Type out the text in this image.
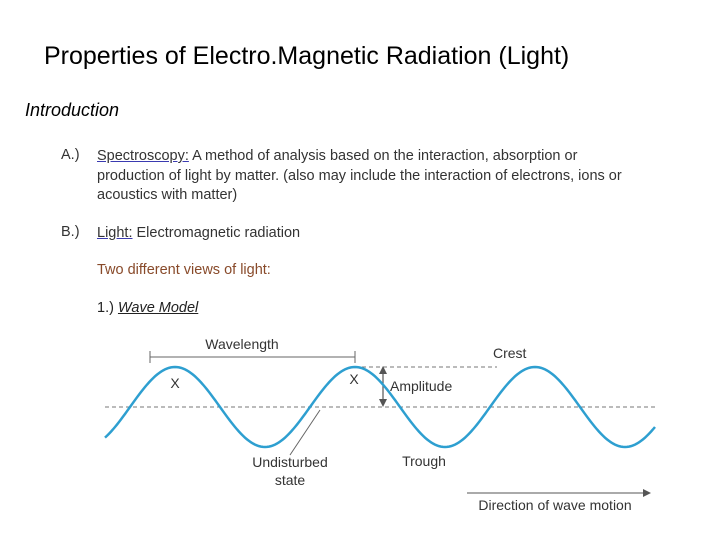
Properties of Electro.Magnetic Radiation (Light)
Introduction
A.) Spectroscopy: A method of analysis based on the interaction, absorption or
production of light by matter. (also may include the interaction of electrons, ions or
acoustics with matter)
B.) Light: Electromagnetic radiation
Two different views of light:
1.) Wave Model
Wavelength
Crest
Amplitude
X	X
Undisturbed
state
Trough
Direction of wave motion
